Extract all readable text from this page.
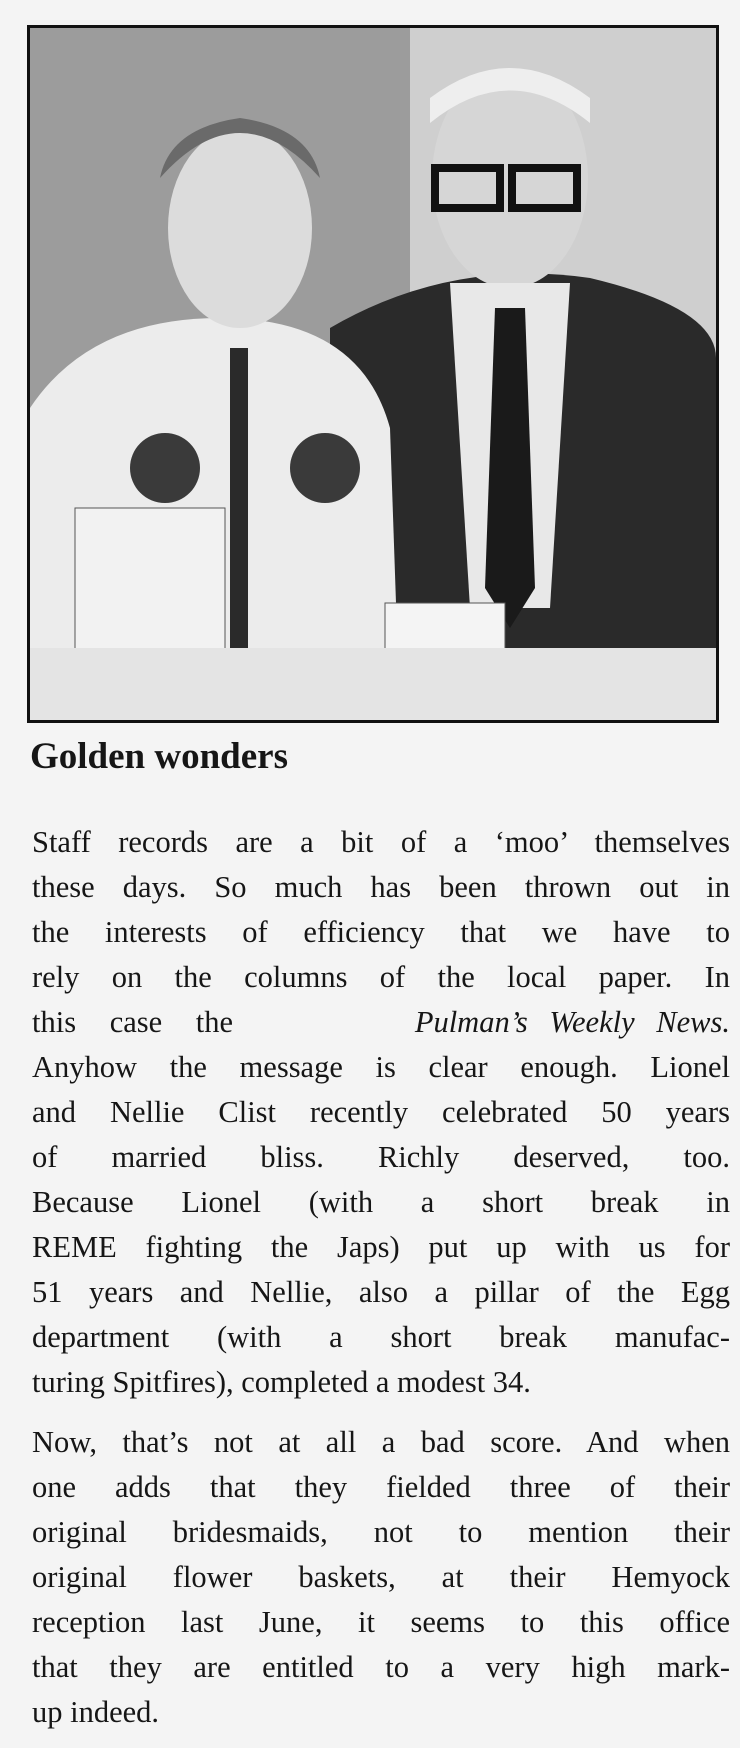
Golden wonders
Staff records are a bit of a ‘moo’ themselves
these days. So much has been thrown out in
the interests of efficiency that we have to
rely on the columns of the local paper. In
this case the	Pulman’s Weekly News.
Anyhow the message is clear enough. Lionel
and Nellie Clist recently celebrated 50 years
of married bliss. Richly deserved, too.
Because Lionel (with a short break in
REME fighting the Japs) put up with us for
51 years and Nellie, also a pillar of the Egg
department (with a short break manufac-
turing Spitfires), completed a modest 34.
Now, that’s not at all a bad score. And when
one adds that they fielded three of their
original bridesmaids, not to mention their
original flower baskets, at their Hemyock
reception last June, it seems to this office
that they are entitled to a very high mark-
up indeed.
